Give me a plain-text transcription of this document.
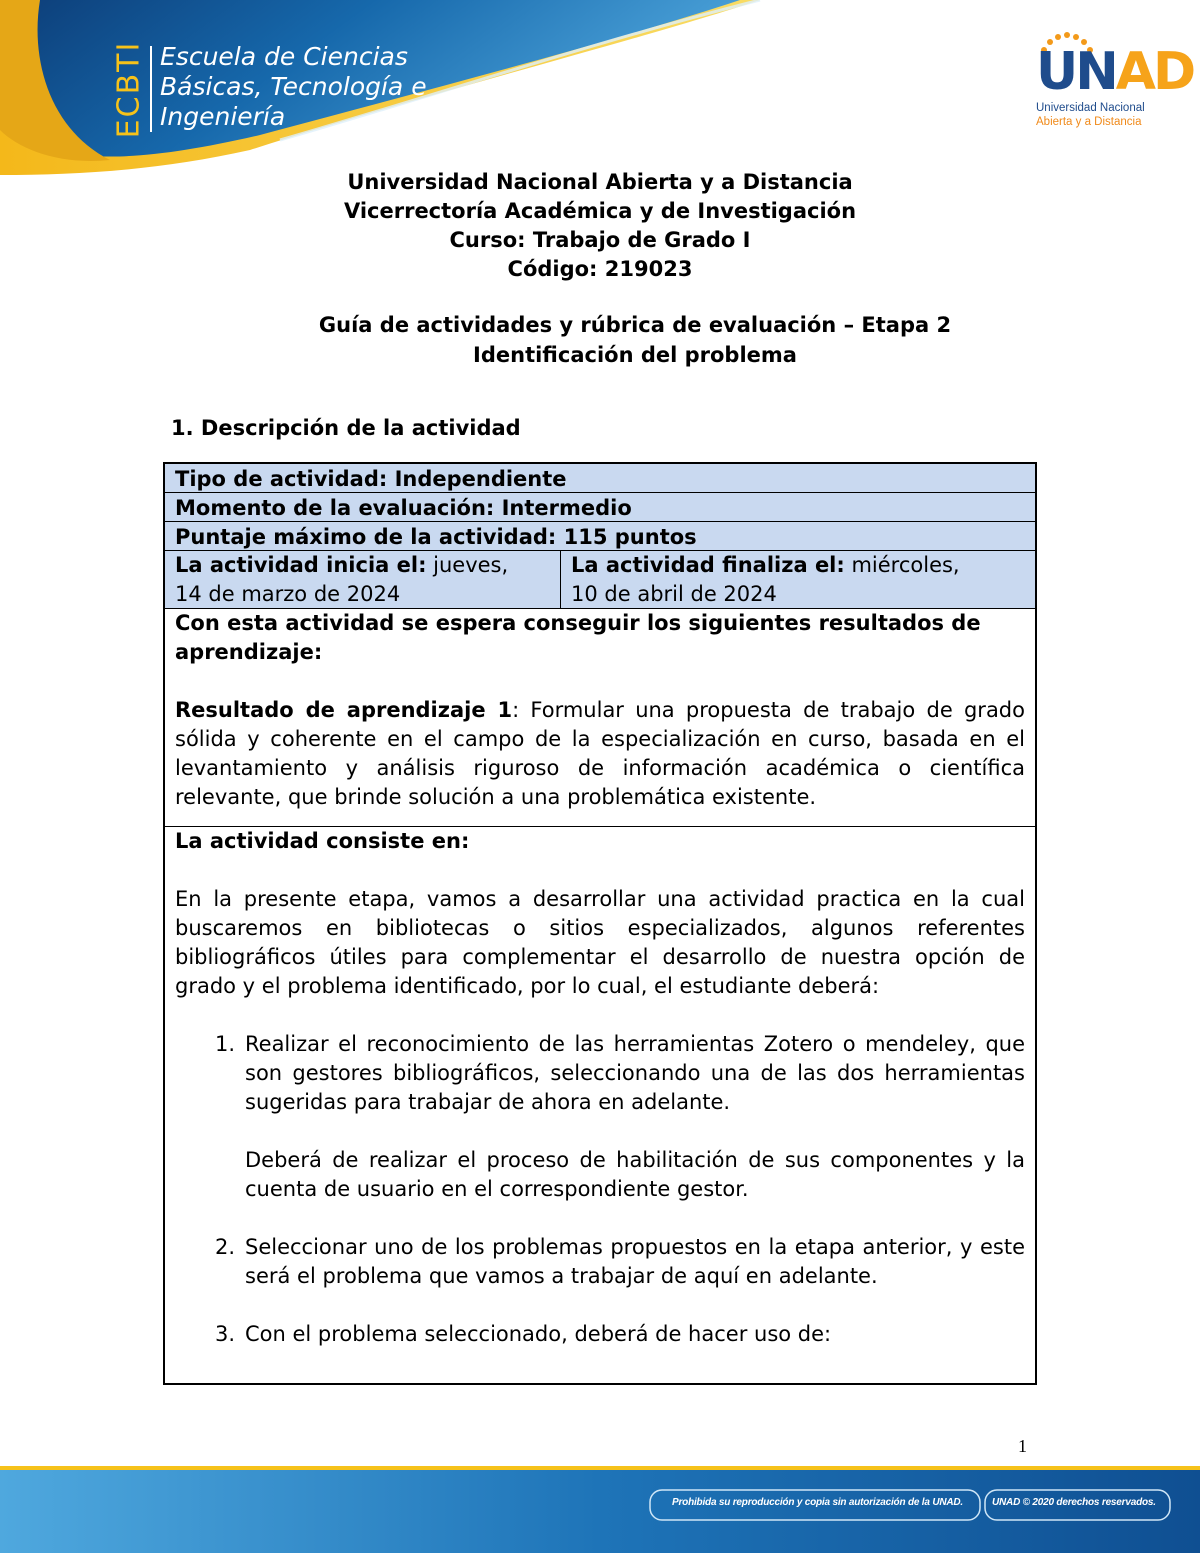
ECBTI Escuela de Ciencias
Básicas, Tecnología e
Ingeniería
UNAD
Universidad Nacional
Abierta y a Distancia
Universidad Nacional Abierta y a Distancia
Vicerrectoría Académica y de Investigación
Curso: Trabajo de Grado I
Código: 219023
Guía de actividades y rúbrica de evaluación – Etapa 2
Identificación del problema
1. Descripción de la actividad
Tipo de actividad: Independiente
Momento de la evaluación: Intermedio
Puntaje máximo de la actividad: 115 puntos
La actividad inicia el: jueves,
14 de marzo de 2024
La actividad finaliza el: miércoles,
10 de abril de 2024
Con esta actividad se espera conseguir los siguientes resultados de aprendizaje:
Resultado de aprendizaje 1: Formular una propuesta de trabajo de grado sólida y coherente en el campo de la especialización en curso, basada en el levantamiento y análisis riguroso de información académica o científica relevante, que brinde solución a una problemática existente.
La actividad consiste en:
En la presente etapa, vamos a desarrollar una actividad practica en la cual buscaremos en bibliotecas o sitios especializados, algunos referentes bibliográficos útiles para complementar el desarrollo de nuestra opción de grado y el problema identificado, por lo cual, el estudiante deberá:
1. Realizar el reconocimiento de las herramientas Zotero o mendeley, que son gestores bibliográficos, seleccionando una de las dos herramientas sugeridas para trabajar de ahora en adelante.
Deberá de realizar el proceso de habilitación de sus componentes y la cuenta de usuario en el correspondiente gestor.
2. Seleccionar uno de los problemas propuestos en la etapa anterior, y este será el problema que vamos a trabajar de aquí en adelante.
3. Con el problema seleccionado, deberá de hacer uso de:
1
Prohibida su reproducción y copia sin autorización de la UNAD.	UNAD © 2020 derechos reservados.
